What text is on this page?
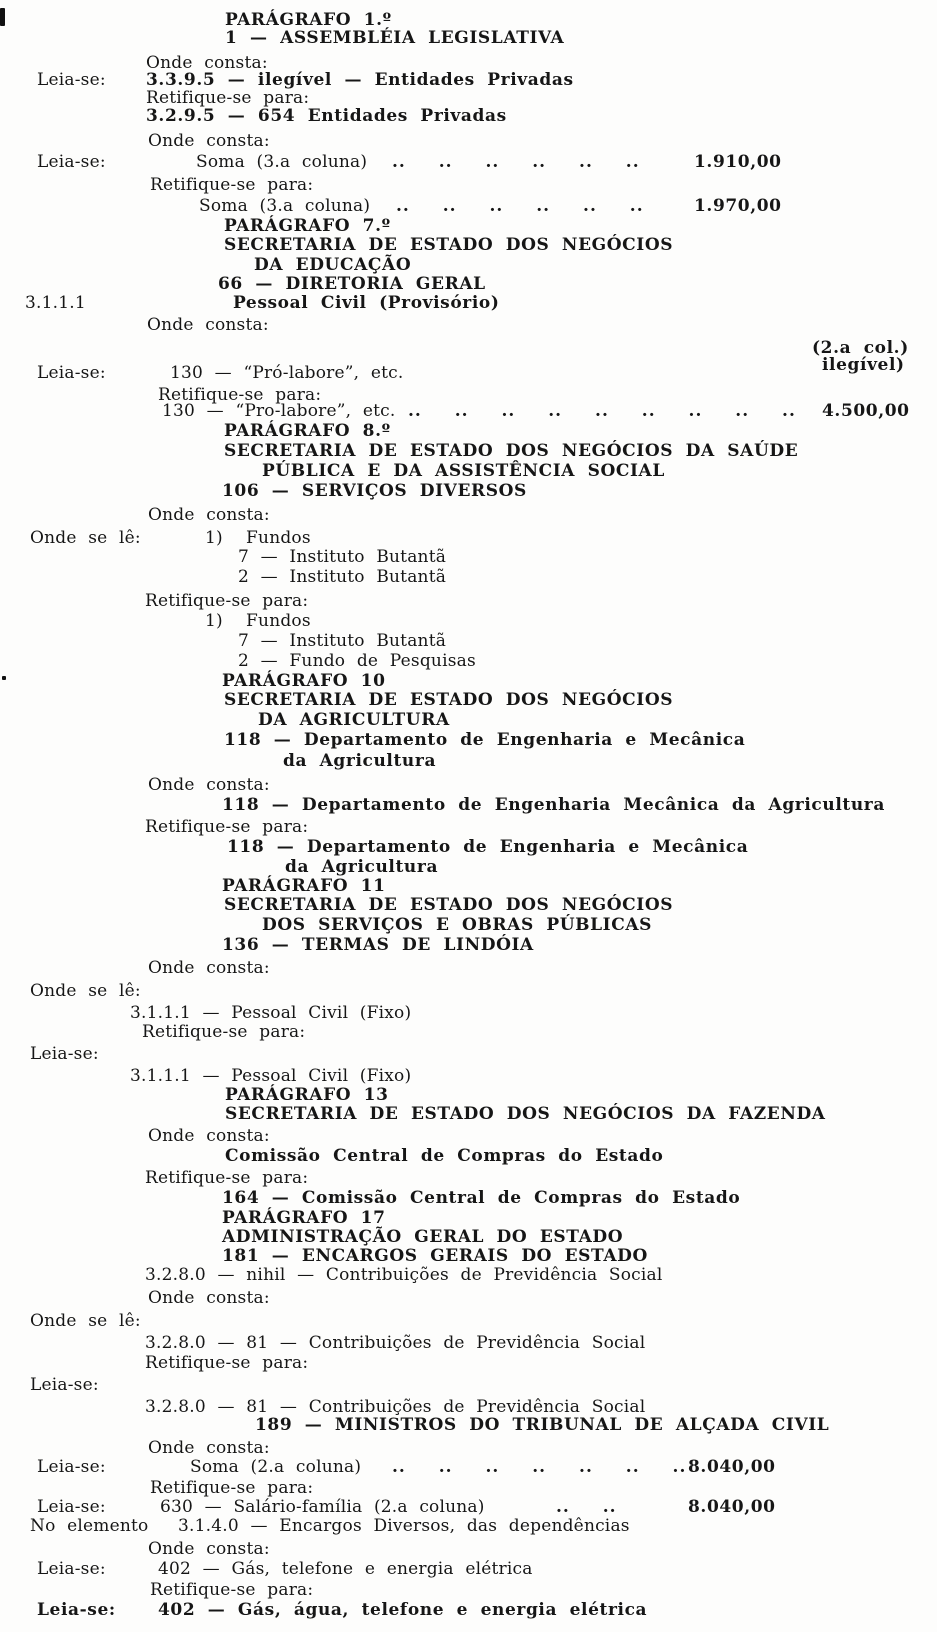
PARÁGRAFO 1.º
1 — ASSEMBLÉIA LEGISLATIVA
Onde consta:
Leia-se: 3.3.9.5 — ilegível — Entidades Privadas
Retifique-se para:
3.2.9.5 — 654 Entidades Privadas
Onde consta:
Leia-se:	Soma (3.a coluna) .. .. .. .. .. ..	1.910,00
Retifique-se para:
Soma (3.a coluna) .. .. .. .. .. ..	1.970,00
PARÁGRAFO 7.º
SECRETARIA DE ESTADO DOS NEGÓCIOS
DA EDUCAÇÃO
66 — DIRETORIA GERAL
3.1.1.1	Pessoal Civil (Provisório)
Onde consta:
(2.a col.)
ilegível)
Leia-se:	130 — “Pró-labore”, etc.
Retifique-se para:
130 — “Pro-labore”, etc. .. .. .. .. .. .. .. .. .. 4.500,00
PARÁGRAFO 8.º
SECRETARIA DE ESTADO DOS NEGÓCIOS DA SAÚDE
PÚBLICA E DA ASSISTÊNCIA SOCIAL
106 — SERVIÇOS DIVERSOS
Onde consta:
Onde se lê:	1)  Fundos
7 — Instituto Butantã
2 — Instituto Butantã
Retifique-se para:
1)  Fundos
7 — Instituto Butantã
2 — Fundo de Pesquisas
PARÁGRAFO 10
SECRETARIA DE ESTADO DOS NEGÓCIOS
DA AGRICULTURA
118 — Departamento de Engenharia e Mecânica
da Agricultura
Onde consta:
118 — Departamento de Engenharia Mecânica da Agricultura
Retifique-se para:
118 — Departamento de Engenharia e Mecânica
da Agricultura
PARÁGRAFO 11
SECRETARIA DE ESTADO DOS NEGÓCIOS
DOS SERVIÇOS E OBRAS PÚBLICAS
136 — TERMAS DE LINDÓIA
Onde consta:
Onde se lê:
3.1.1.1 — Pessoal Civil (Fixo)
Retifique-se para:
Leia-se:
3.1.1.1 — Pessoal Civil (Fixo)
PARÁGRAFO 13
SECRETARIA DE ESTADO DOS NEGÓCIOS DA FAZENDA
Onde consta:
Comissão Central de Compras do Estado
Retifique-se para:
164 — Comissão Central de Compras do Estado
PARÁGRAFO 17
ADMINISTRAÇÃO GERAL DO ESTADO
181 — ENCARGOS GERAIS DO ESTADO
3.2.8.0 — nihil — Contribuições de Previdência Social
Onde consta:
Onde se lê:
3.2.8.0 — 81 — Contribuições de Previdência Social
Retifique-se para:
Leia-se:
3.2.8.0 — 81 — Contribuições de Previdência Social
189 — MINISTROS DO TRIBUNAL DE ALÇADA CIVIL
Onde consta:
Leia-se:	Soma (2.a coluna) .. .. .. .. .. .. .. 8.040,00
Retifique-se para:
Leia-se:	630 — Salário-família (2.a coluna)	.. ..	8.040,00
No elemento 3.1.4.0 — Encargos Diversos, das dependências
Onde consta:
Leia-se:	402 — Gás, telefone e energia elétrica
Retifique-se para:
Leia-se: 402 — Gás, água, telefone e energia elétrica
